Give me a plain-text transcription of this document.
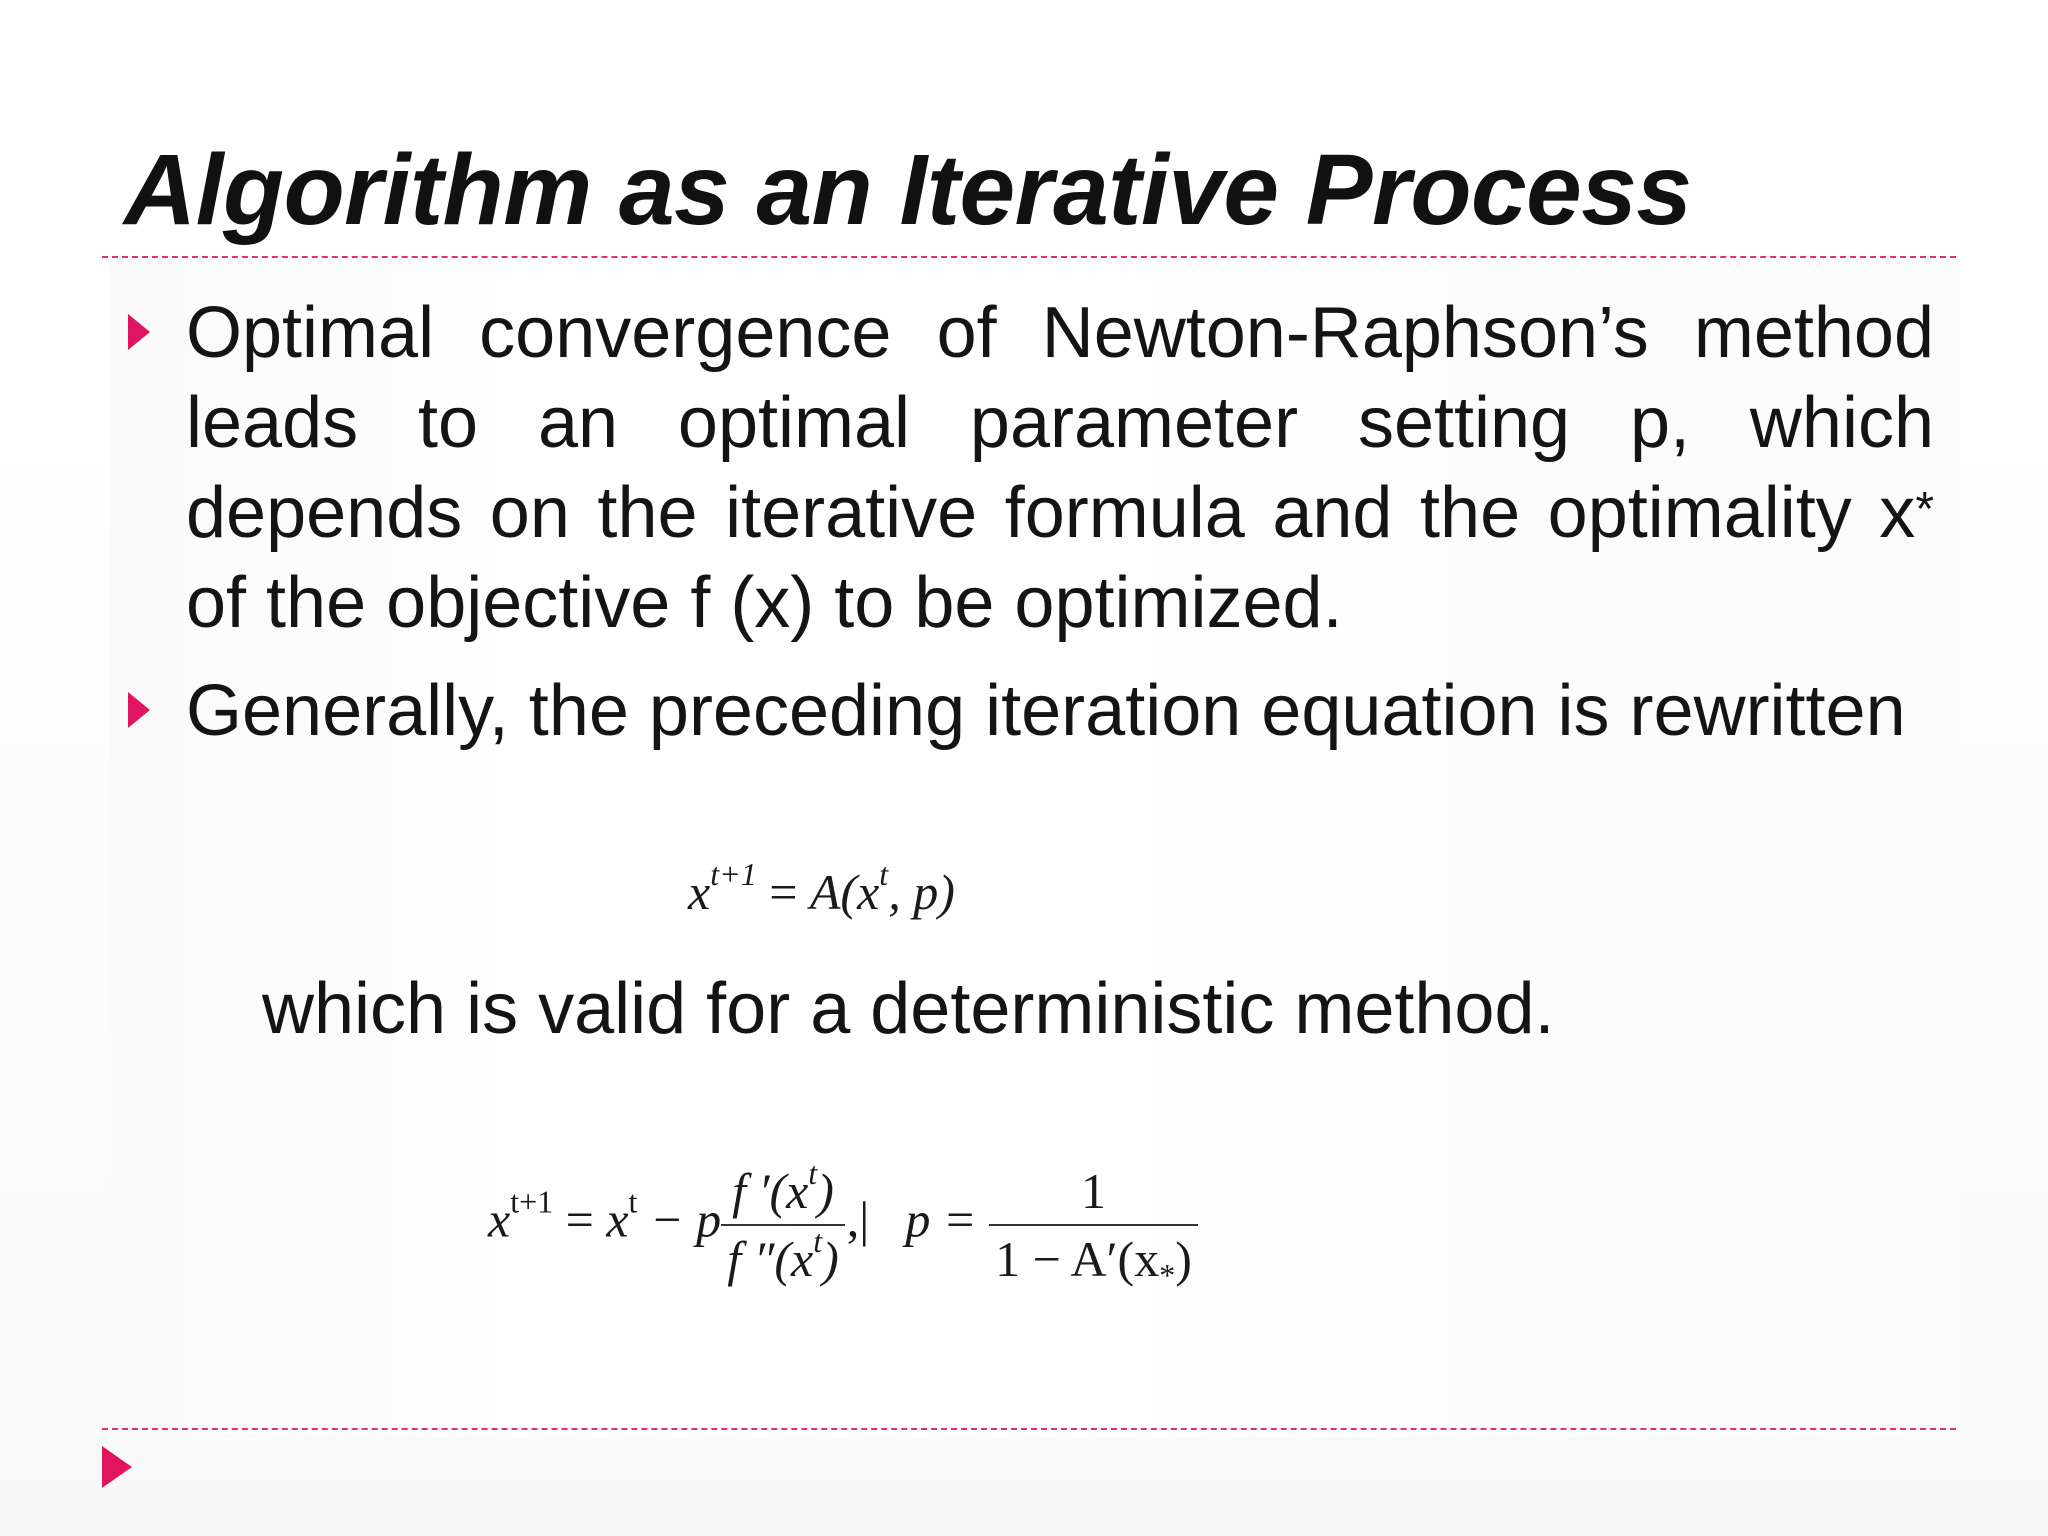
Algorithm as an Iterative Process

Optimal convergence of Newton-Raphson’s method leads to an optimal parameter setting p, which depends on the iterative formula and the optimality x* of the objective f (x) to be optimized.

Generally, the preceding iteration equation is rewritten

$x^{t+1} = A(x^t$, p)
which is valid for a deterministic method.
$x^{t+1} = x^t - p \frac{f '(x^t)}{f ''(x^t)}$ ,| $p = \frac{1}{1 - A'(x_*)}$
